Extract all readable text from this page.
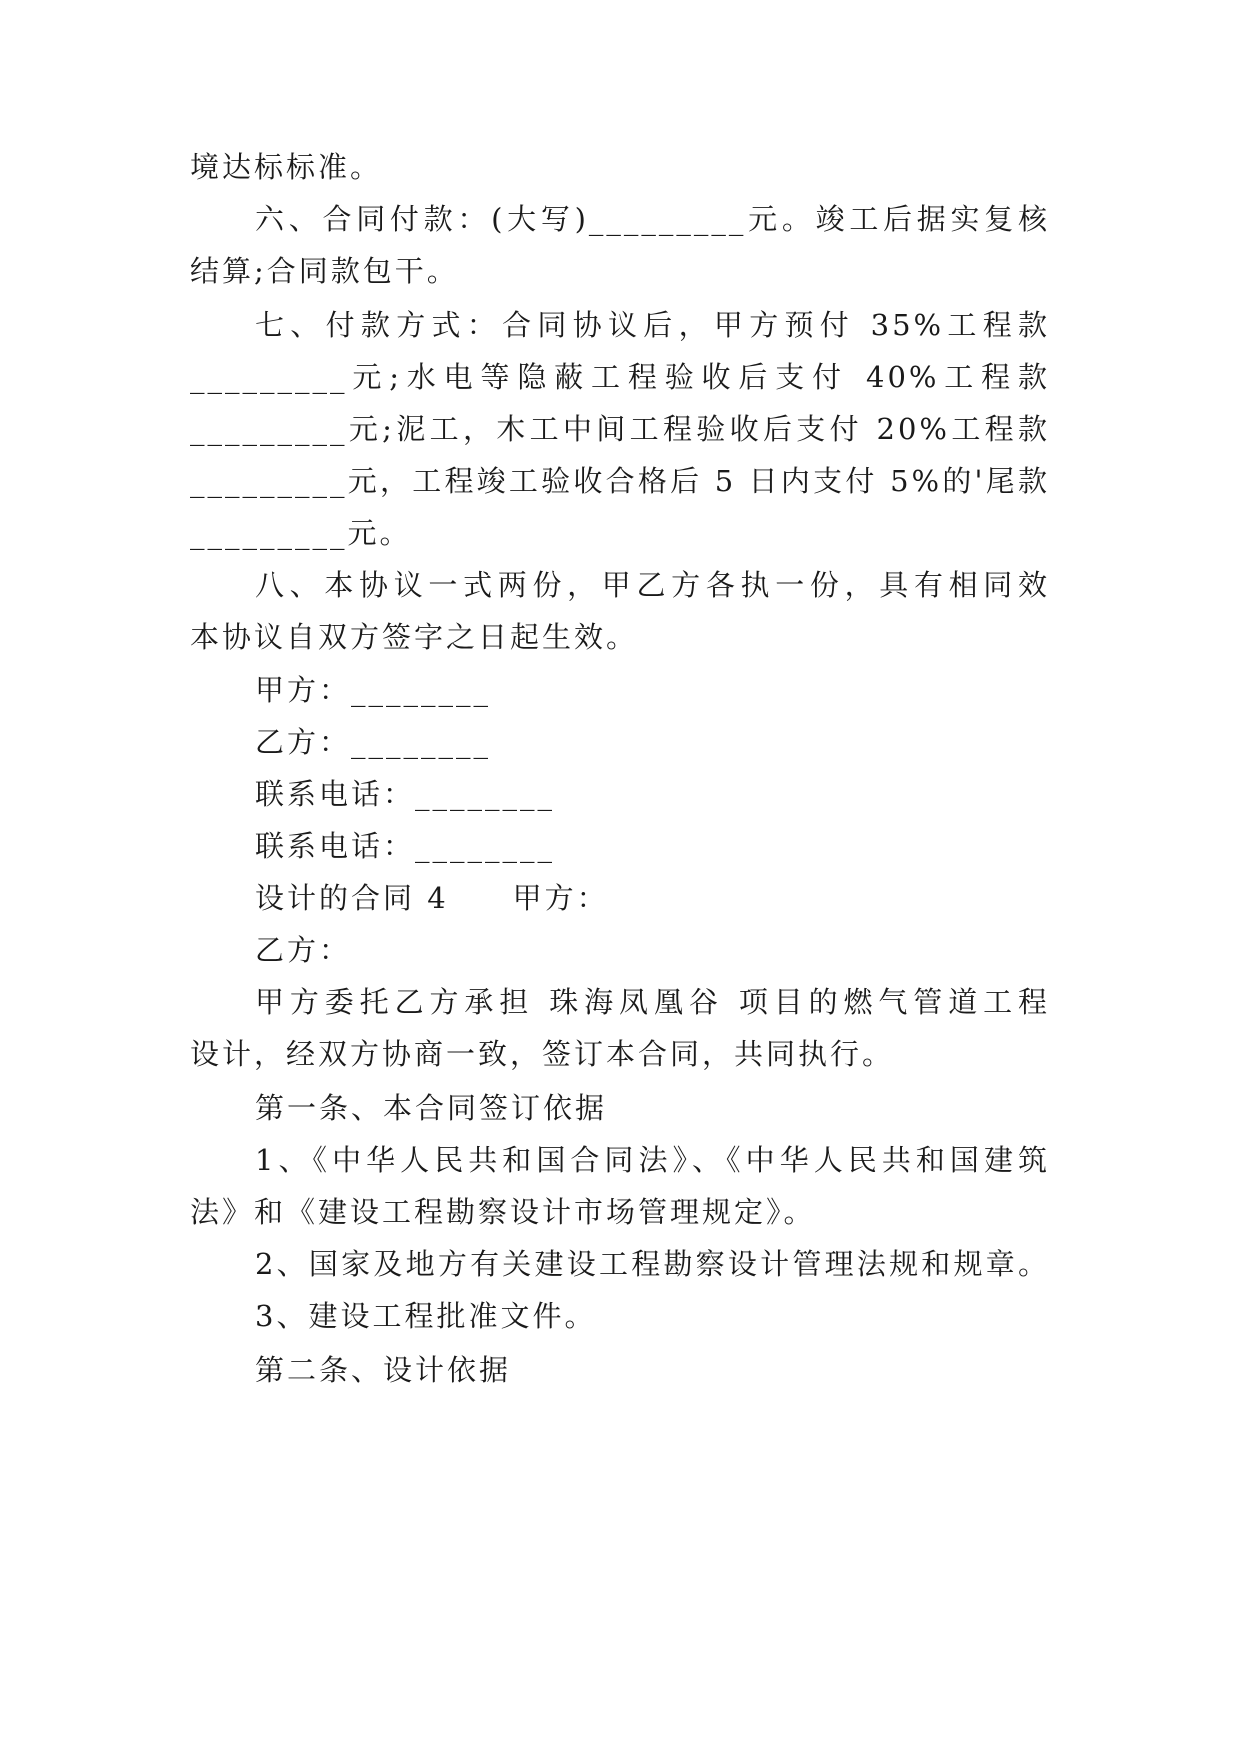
境达标标准。
六、合同付款：(大写)_________元。竣工后据实复核
结算;合同款包干。
七、付款方式：合同协议后，甲方预付 35%工程款
_________元;水电等隐蔽工程验收后支付 40%工程款
_________元;泥工，木工中间工程验收后支付 20%工程款
_________元，工程竣工验收合格后 5 日内支付 5%的'尾款
_________元。
八、本协议一式两份，甲乙方各执一份，具有相同效
本协议自双方签字之日起生效。
甲方：________
乙方：________
联系电话：________
联系电话：________
设计的合同 4　　甲方：
乙方：
甲方委托乙方承担 珠海凤凰谷 项目的燃气管道工程
设计，经双方协商一致，签订本合同，共同执行。
第一条、本合同签订依据
1、《中华人民共和国合同法》、《中华人民共和国建筑
法》和《建设工程勘察设计市场管理规定》。
2、国家及地方有关建设工程勘察设计管理法规和规章。
3、建设工程批准文件。
第二条、设计依据
